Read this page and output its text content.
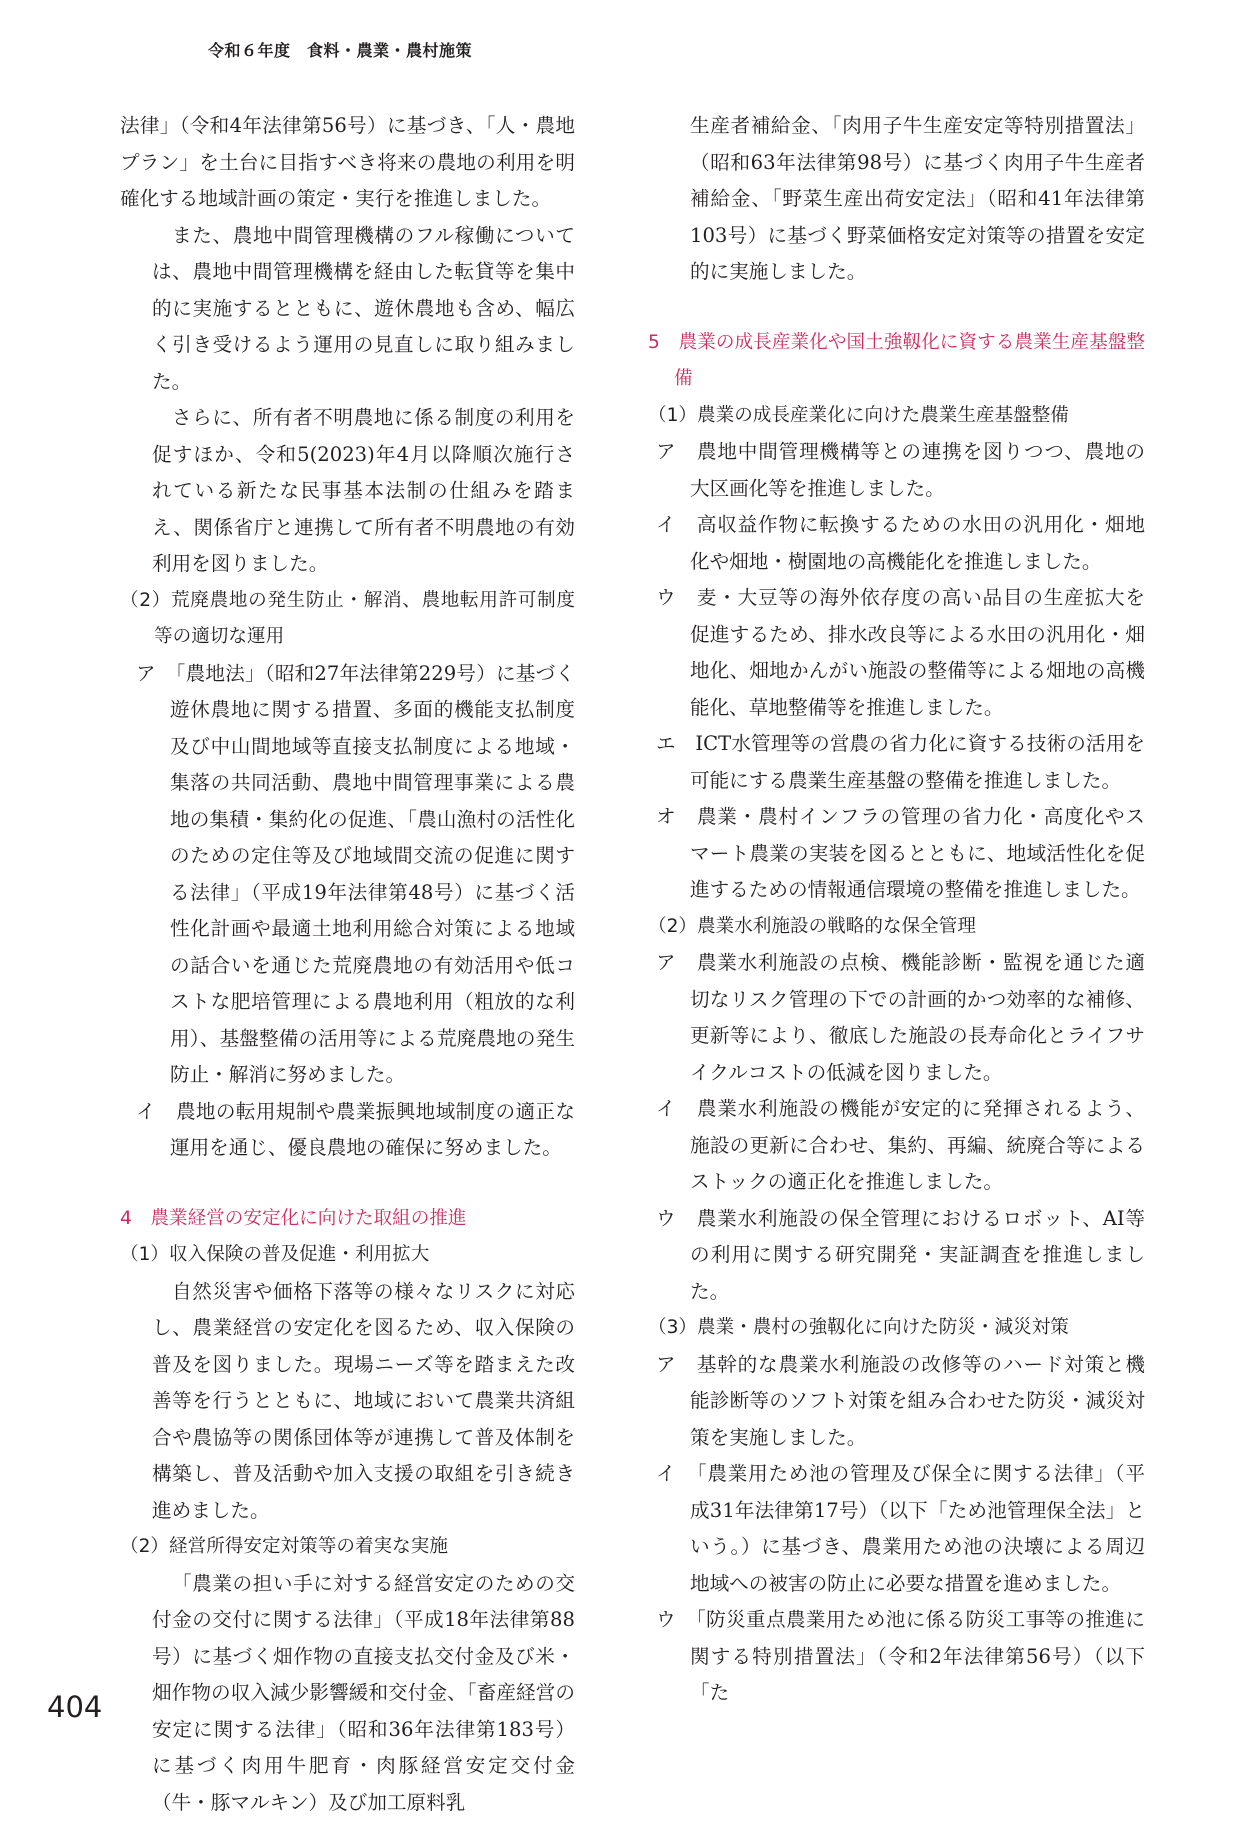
令和６年度　食料・農業・農村施策

法律」（令和4年法律第56号）に基づき、「人・農地プラン」を土台に目指すべき将来の農地の利用を明確化する地域計画の策定・実行を推進しました。

また、農地中間管理機構のフル稼働については、農地中間管理機構を経由した転貸等を集中的に実施するとともに、遊休農地も含め、幅広く引き受けるよう運用の見直しに取り組みました。

さらに、所有者不明農地に係る制度の利用を促すほか、令和5(2023)年4月以降順次施行されている新たな民事基本法制の仕組みを踏まえ、関係省庁と連携して所有者不明農地の有効利用を図りました。

（2）荒廃農地の発生防止・解消、農地転用許可制度等の適切な運用

ア　「農地法」（昭和27年法律第229号）に基づく遊休農地に関する措置、多面的機能支払制度及び中山間地域等直接支払制度による地域・集落の共同活動、農地中間管理事業による農地の集積・集約化の促進、「農山漁村の活性化のための定住等及び地域間交流の促進に関する法律」（平成19年法律第48号）に基づく活性化計画や最適土地利用総合対策による地域の話合いを通じた荒廃農地の有効活用や低コストな肥培管理による農地利用（粗放的な利用）、基盤整備の活用等による荒廃農地の発生防止・解消に努めました。

イ　農地の転用規制や農業振興地域制度の適正な運用を通じ、優良農地の確保に努めました。

4　農業経営の安定化に向けた取組の推進

（1）収入保険の普及促進・利用拡大

自然災害や価格下落等の様々なリスクに対応し、農業経営の安定化を図るため、収入保険の普及を図りました。現場ニーズ等を踏まえた改善等を行うとともに、地域において農業共済組合や農協等の関係団体等が連携して普及体制を構築し、普及活動や加入支援の取組を引き続き進めました。

（2）経営所得安定対策等の着実な実施

「農業の担い手に対する経営安定のための交付金の交付に関する法律」（平成18年法律第88号）に基づく畑作物の直接支払交付金及び米・畑作物の収入減少影響緩和交付金、「畜産経営の安定に関する法律」（昭和36年法律第183号）に基づく肉用牛肥育・肉豚経営安定交付金（牛・豚マルキン）及び加工原料乳

生産者補給金、「肉用子牛生産安定等特別措置法」（昭和63年法律第98号）に基づく肉用子牛生産者補給金、「野菜生産出荷安定法」（昭和41年法律第103号）に基づく野菜価格安定対策等の措置を安定的に実施しました。

5　農業の成長産業化や国土強靱化に資する農業生産基盤整備

（1）農業の成長産業化に向けた農業生産基盤整備

ア　農地中間管理機構等との連携を図りつつ、農地の大区画化等を推進しました。

イ　高収益作物に転換するための水田の汎用化・畑地化や畑地・樹園地の高機能化を推進しました。

ウ　麦・大豆等の海外依存度の高い品目の生産拡大を促進するため、排水改良等による水田の汎用化・畑地化、畑地かんがい施設の整備等による畑地の高機能化、草地整備等を推進しました。

エ　ICT水管理等の営農の省力化に資する技術の活用を可能にする農業生産基盤の整備を推進しました。

オ　農業・農村インフラの管理の省力化・高度化やスマート農業の実装を図るとともに、地域活性化を促進するための情報通信環境の整備を推進しました。

（2）農業水利施設の戦略的な保全管理

ア　農業水利施設の点検、機能診断・監視を通じた適切なリスク管理の下での計画的かつ効率的な補修、更新等により、徹底した施設の長寿命化とライフサイクルコストの低減を図りました。

イ　農業水利施設の機能が安定的に発揮されるよう、施設の更新に合わせ、集約、再編、統廃合等によるストックの適正化を推進しました。

ウ　農業水利施設の保全管理におけるロボット、AI等の利用に関する研究開発・実証調査を推進しました。

（3）農業・農村の強靱化に向けた防災・減災対策

ア　基幹的な農業水利施設の改修等のハード対策と機能診断等のソフト対策を組み合わせた防災・減災対策を実施しました。

イ　「農業用ため池の管理及び保全に関する法律」（平成31年法律第17号）（以下「ため池管理保全法」という。）に基づき、農業用ため池の決壊による周辺地域への被害の防止に必要な措置を進めました。

ウ　「防災重点農業用ため池に係る防災工事等の推進に関する特別措置法」（令和2年法律第56号）（以下「た

404
